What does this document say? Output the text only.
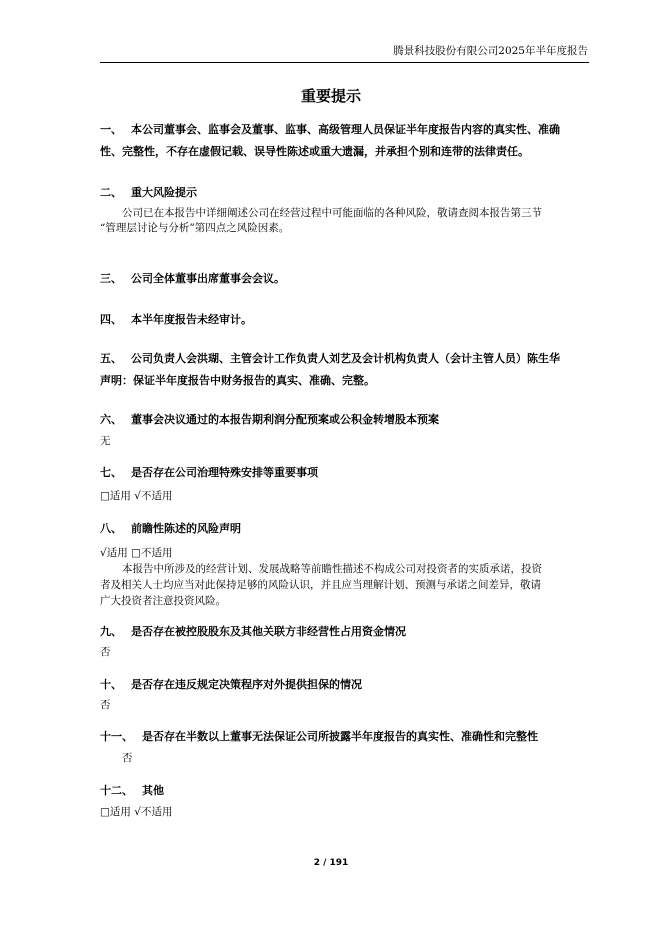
腾景科技股份有限公司2025年半年度报告
重要提示
一、 本公司董事会、监事会及董事、监事、高级管理人员保证半年度报告内容的真实性、准确
性、完整性，不存在虚假记载、误导性陈述或重大遗漏，并承担个别和连带的法律责任。
二、 重大风险提示
公司已在本报告中详细阐述公司在经营过程中可能面临的各种风险，敬请查阅本报告第三节
“管理层讨论与分析”第四点之风险因素。
三、 公司全体董事出席董事会会议。
四、 本半年度报告未经审计。
五、 公司负责人会洪瑚、主管会计工作负责人刘艺及会计机构负责人（会计主管人员）陈生华
声明：保证半年度报告中财务报告的真实、准确、完整。
六、 董事会决议通过的本报告期利润分配预案或公积金转增股本预案
无
七、 是否存在公司治理特殊安排等重要事项
□适用 √不适用
八、 前瞻性陈述的风险声明
√适用 □不适用
本报告中所涉及的经营计划、发展战略等前瞻性描述不构成公司对投资者的实质承诺，投资
者及相关人士均应当对此保持足够的风险认识，并且应当理解计划、预测与承诺之间差异，敬请
广大投资者注意投资风险。
九、 是否存在被控股股东及其他关联方非经营性占用资金情况
否
十、 是否存在违反规定决策程序对外提供担保的情况
否
十一、 是否存在半数以上董事无法保证公司所披露半年度报告的真实性、准确性和完整性
否
十二、 其他
□适用 √不适用
2 / 191
